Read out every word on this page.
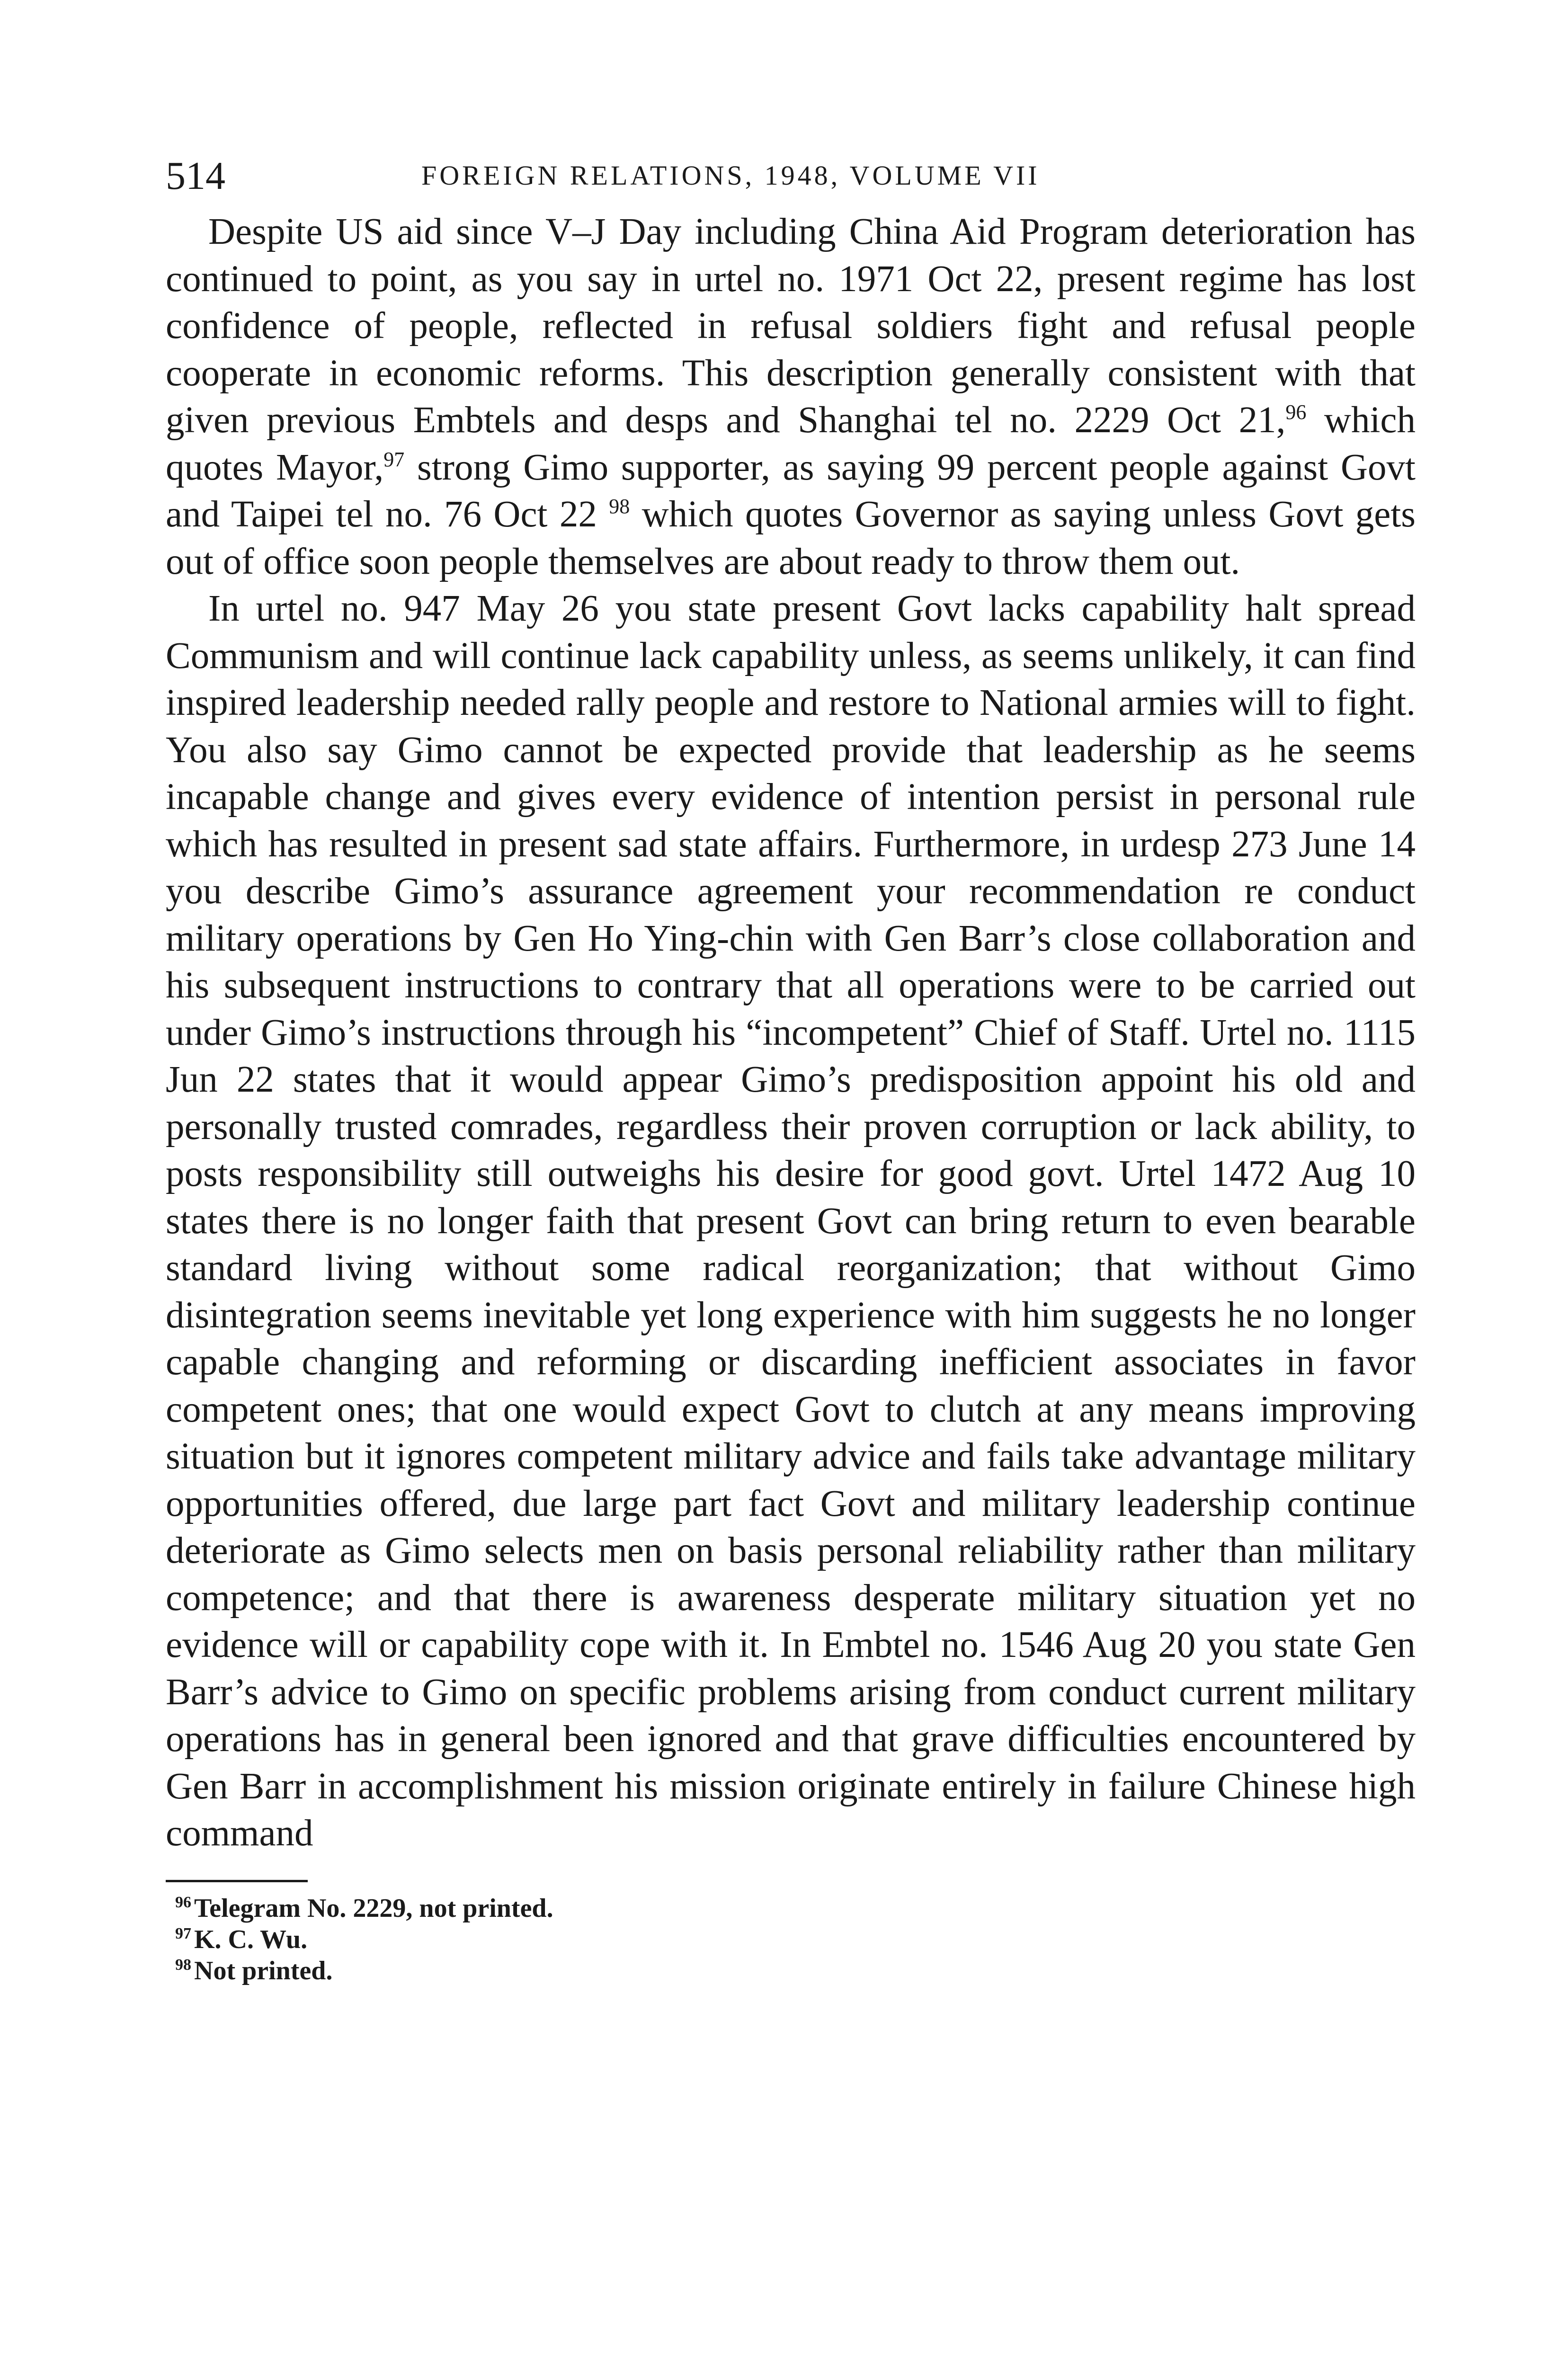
514	FOREIGN RELATIONS, 1948, VOLUME VII

Despite US aid since V–J Day including China Aid Program deterioration has continued to point, as you say in urtel no. 1971 Oct 22, present regime has lost confidence of people, reflected in refusal soldiers fight and refusal people cooperate in economic reforms. This description generally consistent with that given previous Embtels and desps and Shanghai tel no. 2229 Oct 21,96 which quotes Mayor,$^{97}$ strong Gimo supporter, as saying 99 percent people against Govt and Taipei tel no. 76 Oct 22 $^{98}$ which quotes Governor as saying unless Govt gets out of office soon people themselves are about ready to throw them out.

In urtel no. 947 May 26 you state present Govt lacks capability halt spread Communism and will continue lack capability unless, as seems unlikely, it can find inspired leadership needed rally people and restore to National armies will to fight. You also say Gimo cannot be expected provide that leadership as he seems incapable change and gives every evidence of intention persist in personal rule which has resulted in present sad state affairs. Furthermore, in urdesp 273 June 14 you describe Gimo’s assurance agreement your recommendation re conduct military operations by Gen Ho Ying-chin with Gen Barr’s close collaboration and his subsequent instructions to contrary that all operations were to be carried out under Gimo’s instructions through his “incompetent” Chief of Staff. Urtel no. 1115 Jun 22 states that it would appear Gimo’s predisposition appoint his old and personally trusted comrades, regardless their proven corruption or lack ability, to posts responsibility still outweighs his desire for good govt. Urtel 1472 Aug 10 states there is no longer faith that present Govt can bring return to even bearable standard living without some radical reorganization; that without Gimo disintegration seems inevitable yet long experience with him suggests he no longer capable changing and reforming or discarding inefficient associates in favor competent ones; that one would expect Govt to clutch at any means improving situation but it ignores competent military advice and fails take advantage military opportunities offered, due large part fact Govt and military leadership continue deteriorate as Gimo selects men on basis personal reliability rather than military competence; and that there is awareness desperate military situation yet no evidence will or capability cope with it. In Embtel no. 1546 Aug 20 you state Gen Barr’s advice to Gimo on specific problems arising from conduct current military operations has in general been ignored and that grave difficulties encountered by Gen Barr in accomplishment his mission originate entirely in failure Chinese high command

$^{96}$ Telegram No. 2229, not printed.
$^{97}$ K. C. Wu.
$^{98}$ Not printed.
